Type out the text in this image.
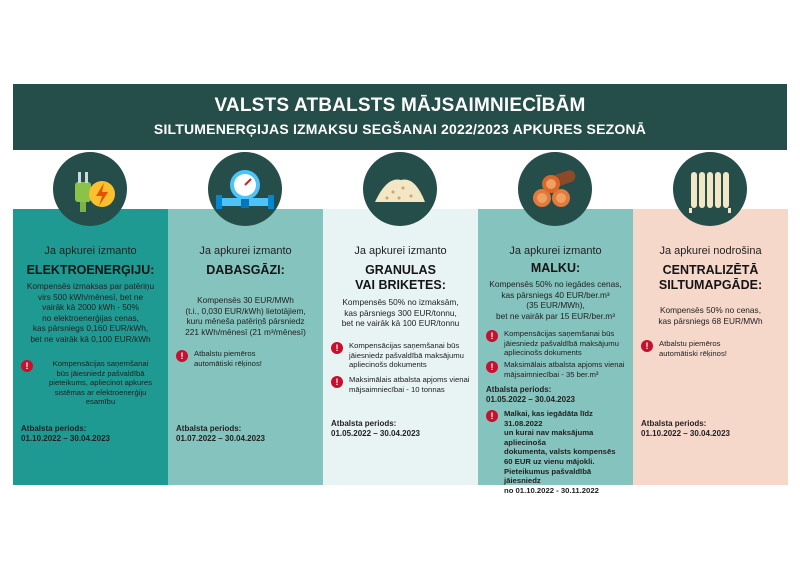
VALSTS ATBALSTS MĀJSAIMNIECĪBĀM
SILTUMENERĢIJAS IZMAKSU SEGŠANAI 2022/2023 APKURES SEZONĀ
Ja apkurei izmanto
ELEKTROENERĢIJU:
Kompensēs izmaksas par patēriņu
virs 500 kWh/mēnesī, bet ne
vairāk kā 2000 kWh - 50%
no elektroenerģijas cenas,
kas pārsniegs 0,160 EUR/kWh,
bet ne vairāk kā 0,100 EUR/kWh
!	Kompensācijas saņemšanai
būs jāiesniedz pašvaldībā
pieteikums, apliecinot apkures
sistēmas ar elektroenerģiju
esamību
Atbalsta periods:
01.10.2022 – 30.04.2023
Ja apkurei izmanto
DABASGĀZI:
Kompensēs 30 EUR/MWh
(t.i., 0,030 EUR/kWh) lietotājiem,
kuru mēneša patēriņš pārsniedz
221 kWh/mēnesī (21 m³/mēnesī)
!	Atbalstu piemēros
automātiski rēķinos!
Atbalsta periods:
01.07.2022 – 30.04.2023
Ja apkurei izmanto
GRANULAS
VAI BRIKETES:
Kompensēs 50% no izmaksām,
kas pārsniegs 300 EUR/tonnu,
bet ne vairāk kā 100 EUR/tonnu
!	Kompensācijas saņemšanai būs
jāiesniedz pašvaldībā maksājumu
apliecinošs dokuments
!	Maksimālais atbalsta apjoms vienai
mājsaimniecībai - 10 tonnas
Atbalsta periods:
01.05.2022 – 30.04.2023
Ja apkurei izmanto
MALKU:
Kompensēs 50% no iegādes cenas,
kas pārsniegs 40 EUR/ber.m³
(35 EUR/MWh),
bet ne vairāk par 15 EUR/ber.m³
!	Kompensācijas saņemšanai būs
jāiesniedz pašvaldībā maksājumu
apliecinošs dokuments
!	Maksimālais atbalsta apjoms vienai
mājsaimniecībai - 35 ber.m³
Atbalsta periods:
01.05.2022 – 30.04.2023
!	Malkai, kas iegādāta līdz 31.08.2022
un kurai nav maksājuma apliecinoša
dokumenta, valsts kompensēs
60 EUR uz vienu mājokli.
Pieteikumus pašvaldībā jāiesniedz
no 01.10.2022 - 30.11.2022
Ja apkurei nodrošina
CENTRALIZĒTĀ
SILTUMAPGĀDE:
Kompensēs 50% no cenas,
kas pārsniegs 68 EUR/MWh
!	Atbalstu piemēros
automātiski rēķinos!
Atbalsta periods:
01.10.2022 – 30.04.2023
